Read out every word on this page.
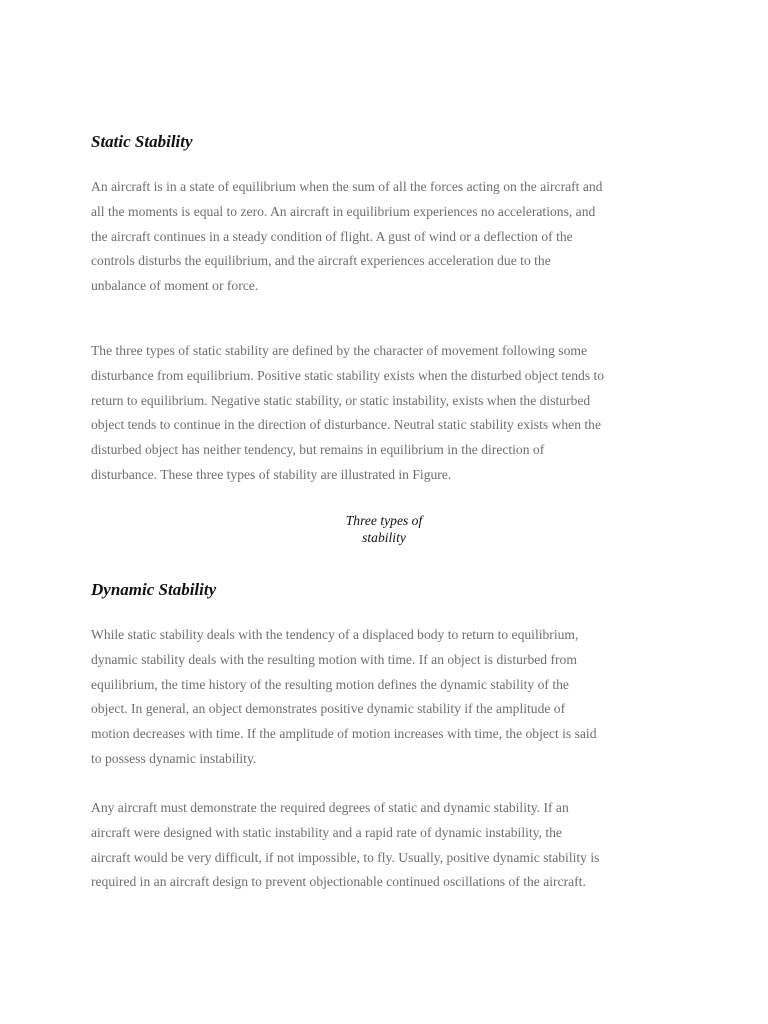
Static Stability

An aircraft is in a state of equilibrium when the sum of all the forces acting on the aircraft and
all the moments is equal to zero. An aircraft in equilibrium experiences no accelerations, and
the aircraft continues in a steady condition of flight. A gust of wind or a deflection of the
controls disturbs the equilibrium, and the aircraft experiences acceleration due to the
unbalance of moment or force.

The three types of static stability are defined by the character of movement following some
disturbance from equilibrium. Positive static stability exists when the disturbed object tends to
return to equilibrium. Negative static stability, or static instability, exists when the disturbed
object tends to continue in the direction of disturbance. Neutral static stability exists when the
disturbed object has neither tendency, but remains in equilibrium in the direction of
disturbance. These three types of stability are illustrated in Figure.

Three types of
stability
Dynamic Stability

While static stability deals with the tendency of a displaced body to return to equilibrium,
dynamic stability deals with the resulting motion with time. If an object is disturbed from
equilibrium, the time history of the resulting motion defines the dynamic stability of the
object. In general, an object demonstrates positive dynamic stability if the amplitude of
motion decreases with time. If the amplitude of motion increases with time, the object is said
to possess dynamic instability.

Any aircraft must demonstrate the required degrees of static and dynamic stability. If an
aircraft were designed with static instability and a rapid rate of dynamic instability, the
aircraft would be very difficult, if not impossible, to fly. Usually, positive dynamic stability is
required in an aircraft design to prevent objectionable continued oscillations of the aircraft.
